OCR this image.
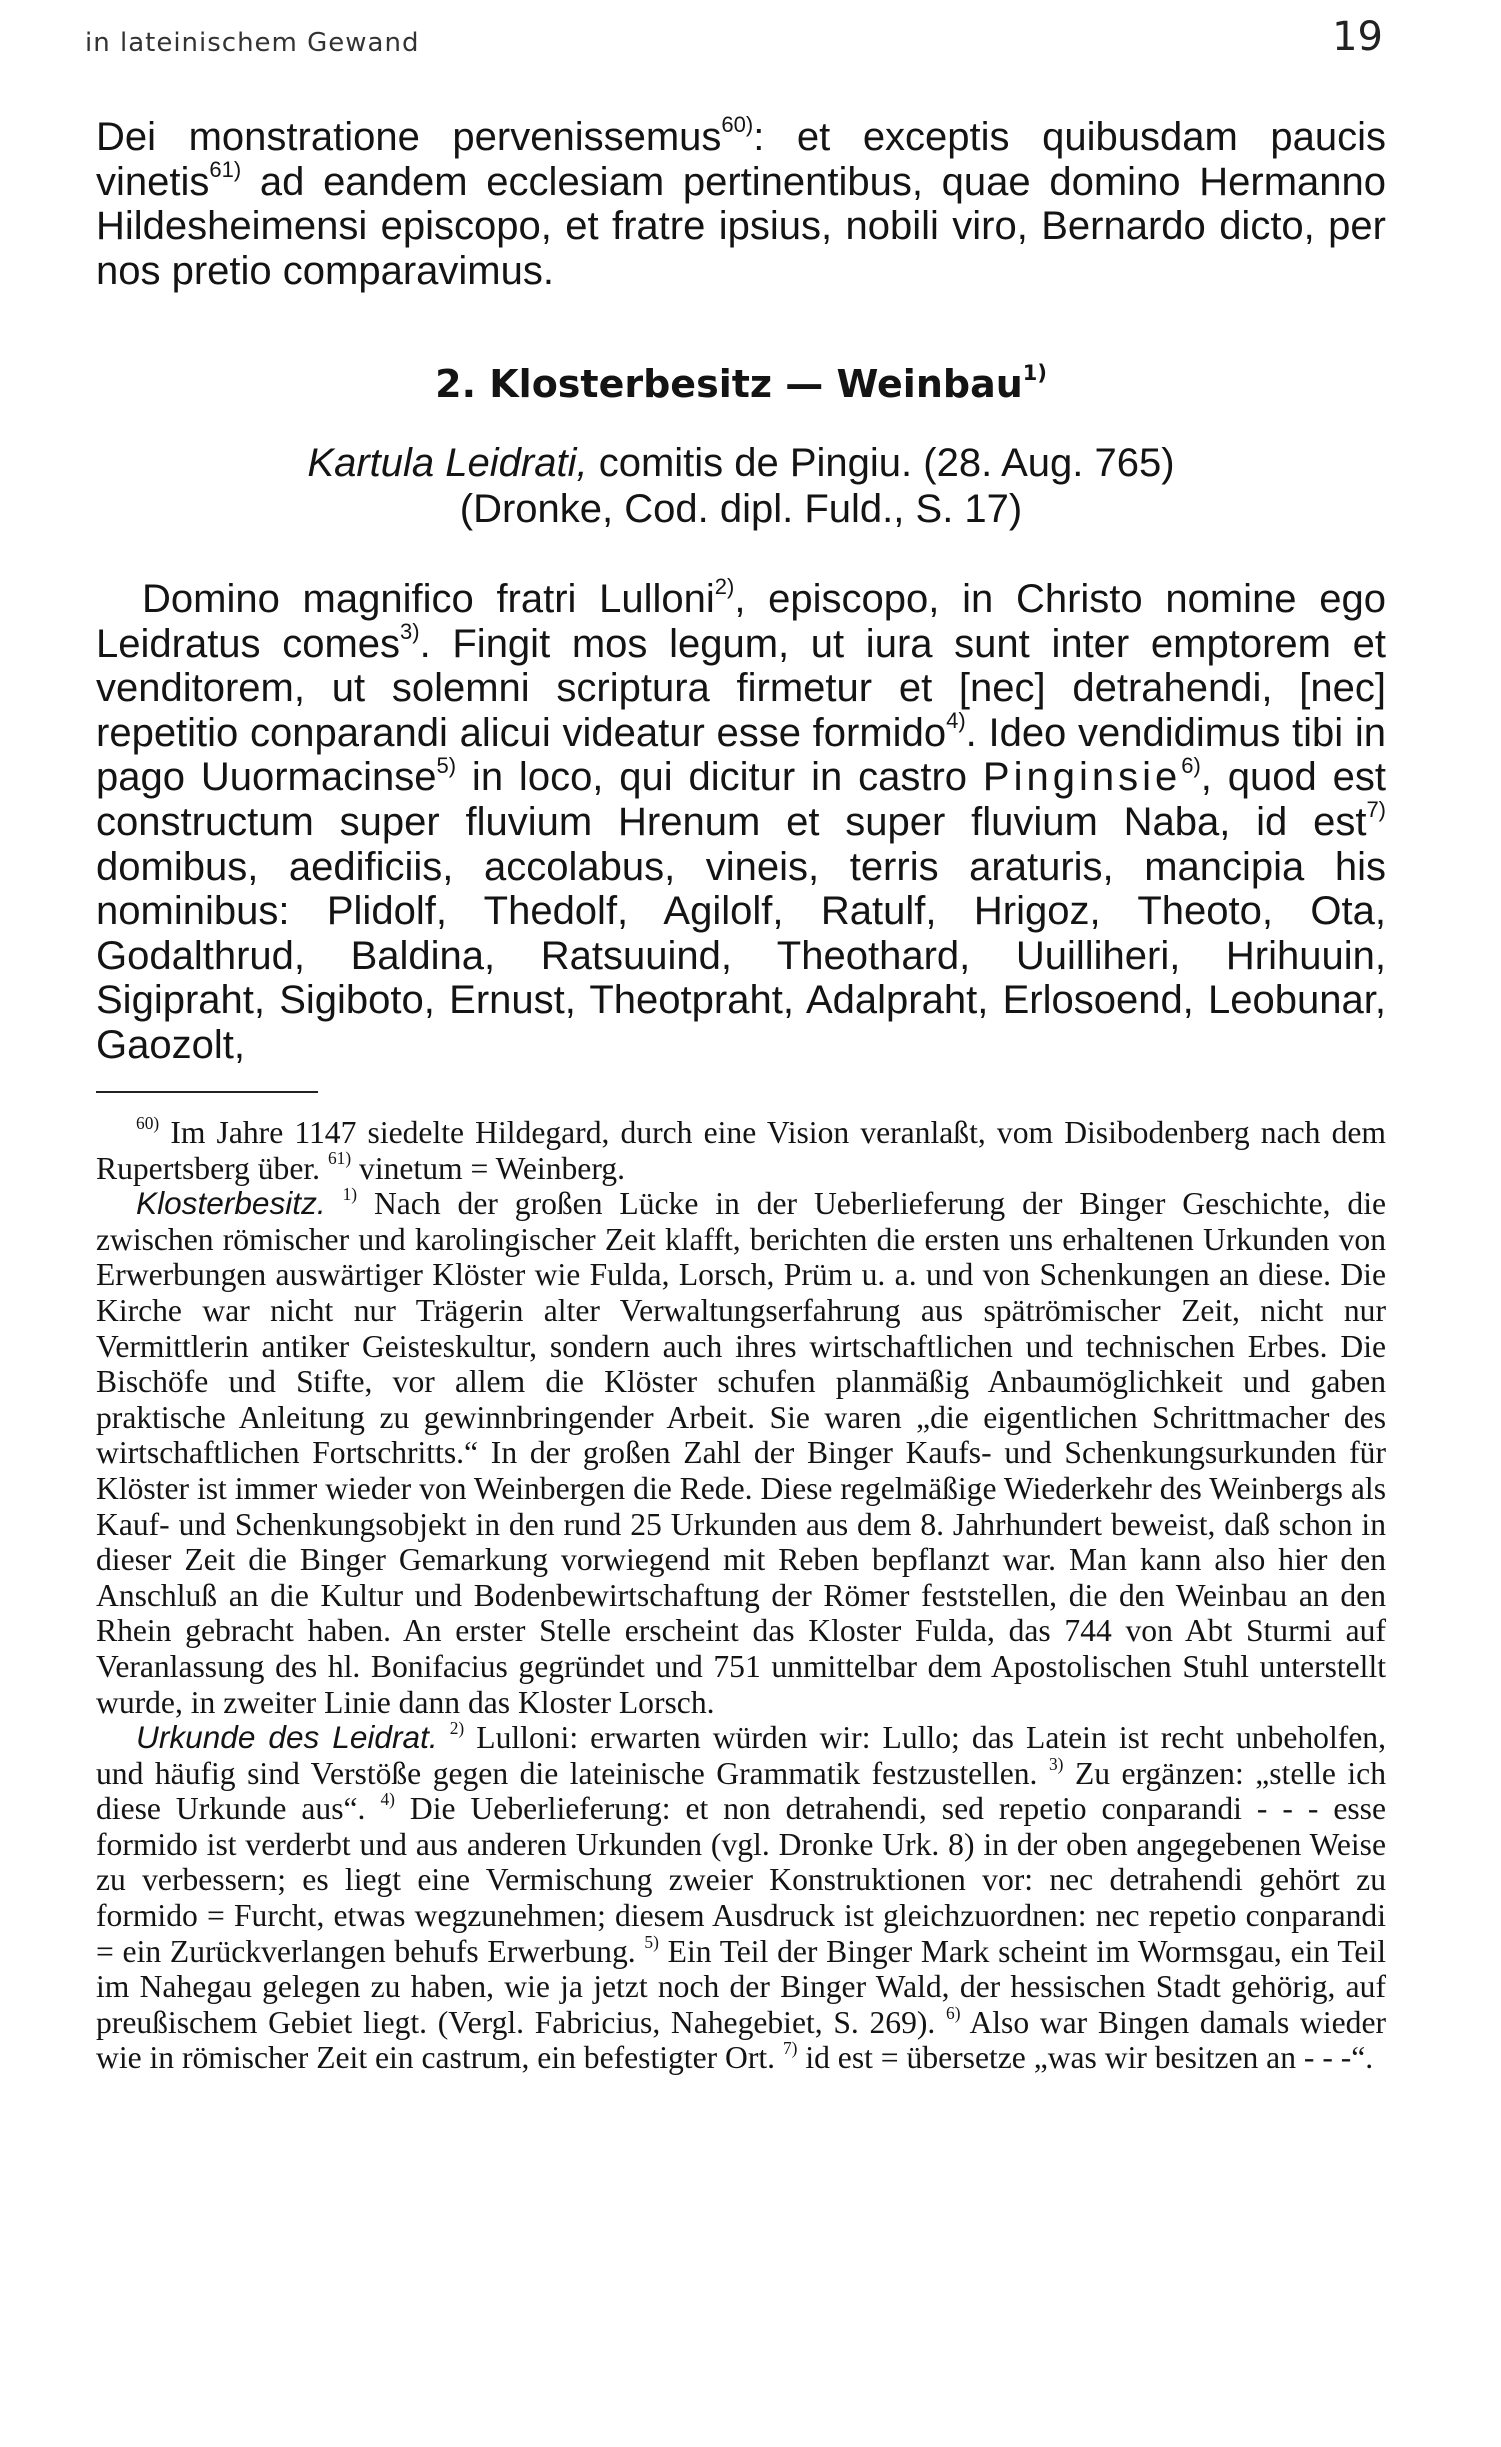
in lateinischem Gewand	19

Dei monstratione pervenissemus$^{60)}$: et exceptis quibusdam paucis vinetis$^{61)}$ ad eandem ecclesiam pertinentibus, quae domino Hermanno Hildesheimensi episcopo, et fratre ipsius, nobili viro, Bernardo dicto, per nos pretio comparavimus.

2. Klosterbesitz — Weinbau$^{1)}$
Kartula Leidrati, comitis de Pingiu. (28. Aug. 765)
(Dronke, Cod. dipl. Fuld., S. 17)

Domino magnifico fratri Lulloni$^{2)}$, episcopo, in Christo nomine ego Leidratus comes$^{3)}$. Fingit mos legum, ut iura sunt inter emptorem et venditorem, ut solemni scriptura firmetur et [nec] detrahendi, [nec] repetitio conparandi alicui videatur esse formido$^{4)}$. Ideo vendidimus tibi in pago Uuormacinse$^{5)}$ in loco, qui dicitur in castro Pinginsie$^{6)}$, quod est constructum super fluvium Hrenum et super fluvium Naba, id est$^{7)}$ domibus, aedificiis, accolabus, vineis, terris araturis, mancipia his nominibus: Plidolf, Thedolf, Agilolf, Ratulf, Hrigoz, Theoto, Ota, Godalthrud, Baldina, Ratsuuind, Theothard, Uuilliheri, Hrihuuin, Sigipraht, Sigiboto, Ernust, Theotpraht, Adalpraht, Erlosoend, Leobunar, Gaozolt,

$^{60)}$ Im Jahre 1147 siedelte Hildegard, durch eine Vision veranlaßt, vom Disibodenberg nach dem Rupertsberg über. $^{61)}$ vinetum = Weinberg.

Klosterbesitz. $^{1)}$ Nach der großen Lücke in der Ueberlieferung der Binger Geschichte, die zwischen römischer und karolingischer Zeit klafft, berichten die ersten uns erhaltenen Urkunden von Erwerbungen auswärtiger Klöster wie Fulda, Lorsch, Prüm u. a. und von Schenkungen an diese. Die Kirche war nicht nur Trägerin alter Verwaltungserfahrung aus spätrömischer Zeit, nicht nur Vermittlerin antiker Geisteskultur, sondern auch ihres wirtschaftlichen und technischen Erbes. Die Bischöfe und Stifte, vor allem die Klöster schufen planmäßig Anbaumöglichkeit und gaben praktische Anleitung zu gewinnbringender Arbeit. Sie waren „die eigentlichen Schrittmacher des wirtschaftlichen Fortschritts.“ In der großen Zahl der Binger Kaufs- und Schenkungsurkunden für Klöster ist immer wieder von Weinbergen die Rede. Diese regelmäßige Wiederkehr des Weinbergs als Kauf- und Schenkungsobjekt in den rund 25 Urkunden aus dem 8. Jahrhundert beweist, daß schon in dieser Zeit die Binger Gemarkung vorwiegend mit Reben bepflanzt war. Man kann also hier den Anschluß an die Kultur und Bodenbewirtschaftung der Römer feststellen, die den Weinbau an den Rhein gebracht haben. An erster Stelle erscheint das Kloster Fulda, das 744 von Abt Sturmi auf Veranlassung des hl. Bonifacius gegründet und 751 unmittelbar dem Apostolischen Stuhl unterstellt wurde, in zweiter Linie dann das Kloster Lorsch.

Urkunde des Leidrat. $^{2)}$ Lulloni: erwarten würden wir: Lullo; das Latein ist recht unbeholfen, und häufig sind Verstöße gegen die lateinische Grammatik festzustellen. $^{3)}$ Zu ergänzen: „stelle ich diese Urkunde aus“. $^{4)}$ Die Ueberlieferung: et non detrahendi, sed repetio conparandi - - - esse formido ist verderbt und aus anderen Urkunden (vgl. Dronke Urk. 8) in der oben angegebenen Weise zu verbessern; es liegt eine Vermischung zweier Konstruktionen vor: nec detrahendi gehört zu formido = Furcht, etwas wegzunehmen; diesem Ausdruck ist gleichzuordnen: nec repetio conparandi = ein Zurückverlangen behufs Erwerbung. $^{5)}$ Ein Teil der Binger Mark scheint im Wormsgau, ein Teil im Nahegau gelegen zu haben, wie ja jetzt noch der Binger Wald, der hessischen Stadt gehörig, auf preußischem Gebiet liegt. (Vergl. Fabricius, Nahegebiet, S. 269). $^{6)}$ Also war Bingen damals wieder wie in römischer Zeit ein castrum, ein befestigter Ort. $^{7)}$ id est = übersetze „was wir besitzen an - - -“.
